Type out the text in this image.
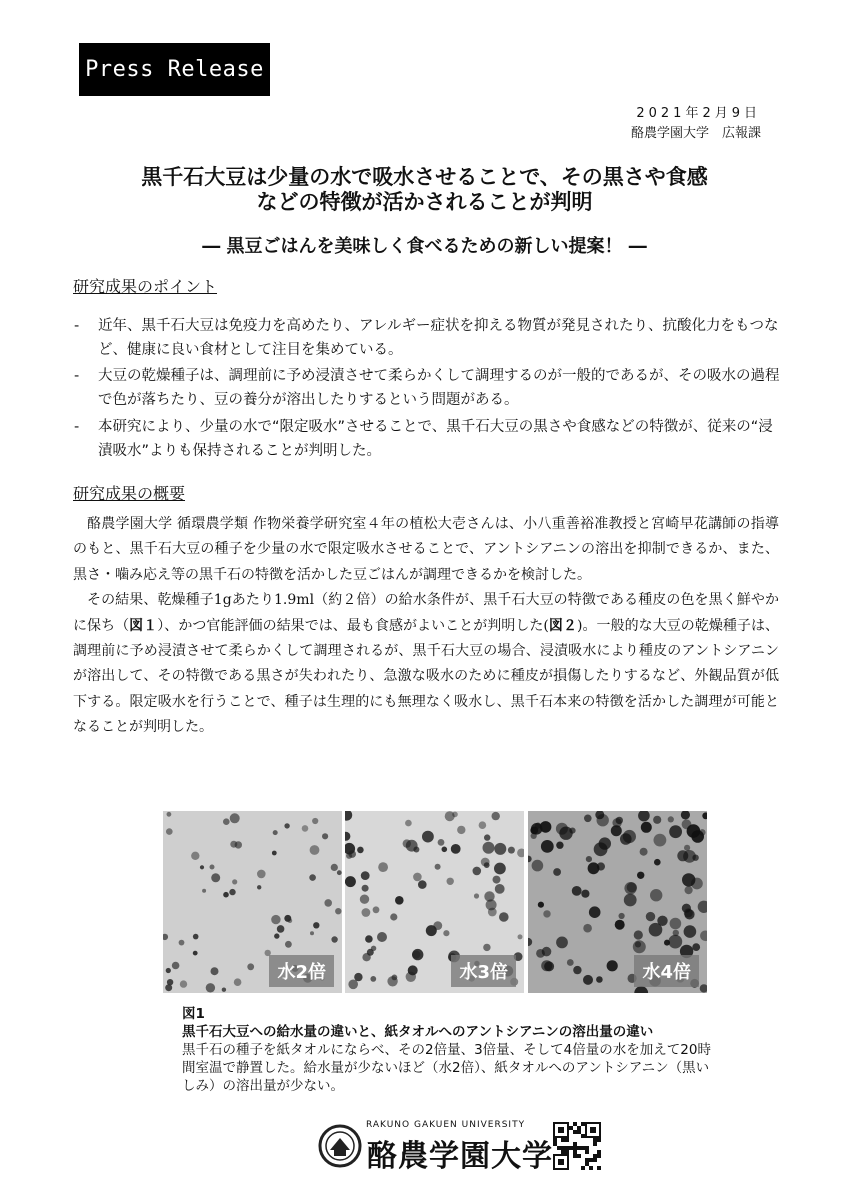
Press Release
2021年2月9日
酪農学園大学　広報課
黒千石大豆は少量の水で吸水させることで、その黒さや食感
などの特徴が活かされることが判明
― 黒豆ごはんを美味しく食べるための新しい提案！ ―
研究成果のポイント
- 近年、黒千石大豆は免疫力を高めたり、アレルギー症状を抑える物質が発見されたり、抗酸化力をもつなど、健康に良い食材として注目を集めている。
- 大豆の乾燥種子は、調理前に予め浸漬させて柔らかくして調理するのが一般的であるが、その吸水の過程で色が落ちたり、豆の養分が溶出したりするという問題がある。
- 本研究により、少量の水で“限定吸水”させることで、黒千石大豆の黒さや食感などの特徴が、従来の“浸漬吸水”よりも保持されることが判明した。
研究成果の概要

酪農学園大学 循環農学類 作物栄養学研究室４年の植松大壱さんは、小八重善裕准教授と宮崎早花講師の指導のもと、黒千石大豆の種子を少量の水で限定吸水させることで、アントシアニンの溶出を抑制できるか、また、黒さ・噛み応え等の黒千石の特徴を活かした豆ごはんが調理できるかを検討した。

その結果、乾燥種子1gあたり1.9ml（約２倍）の給水条件が、黒千石大豆の特徴である種皮の色を黒く鮮やかに保ち（図１）、かつ官能評価の結果では、最も食感がよいことが判明した(図２)。一般的な大豆の乾燥種子は、調理前に予め浸漬させて柔らかくして調理されるが、黒千石大豆の場合、浸漬吸水により種皮のアントシアニンが溶出して、その特徴である黒さが失われたり、急激な吸水のために種皮が損傷したりするなど、外観品質が低下する。限定吸水を行うことで、種子は生理的にも無理なく吸水し、黒千石本来の特徴を活かした調理が可能となることが判明した。

水2倍	水3倍	水4倍
図1
黒千石大豆への給水量の違いと、紙タオルへのアントシアニンの溶出量の違い
黒千石の種子を紙タオルにならべ、その2倍量、3倍量、そして4倍量の水を加えて20時間室温で静置した。給水量が少ないほど（水2倍）、紙タオルへのアントシアニン（黒いしみ）の溶出量が少ない。
RAKUNO GAKUEN UNIVERSITY
酪農学園大学
